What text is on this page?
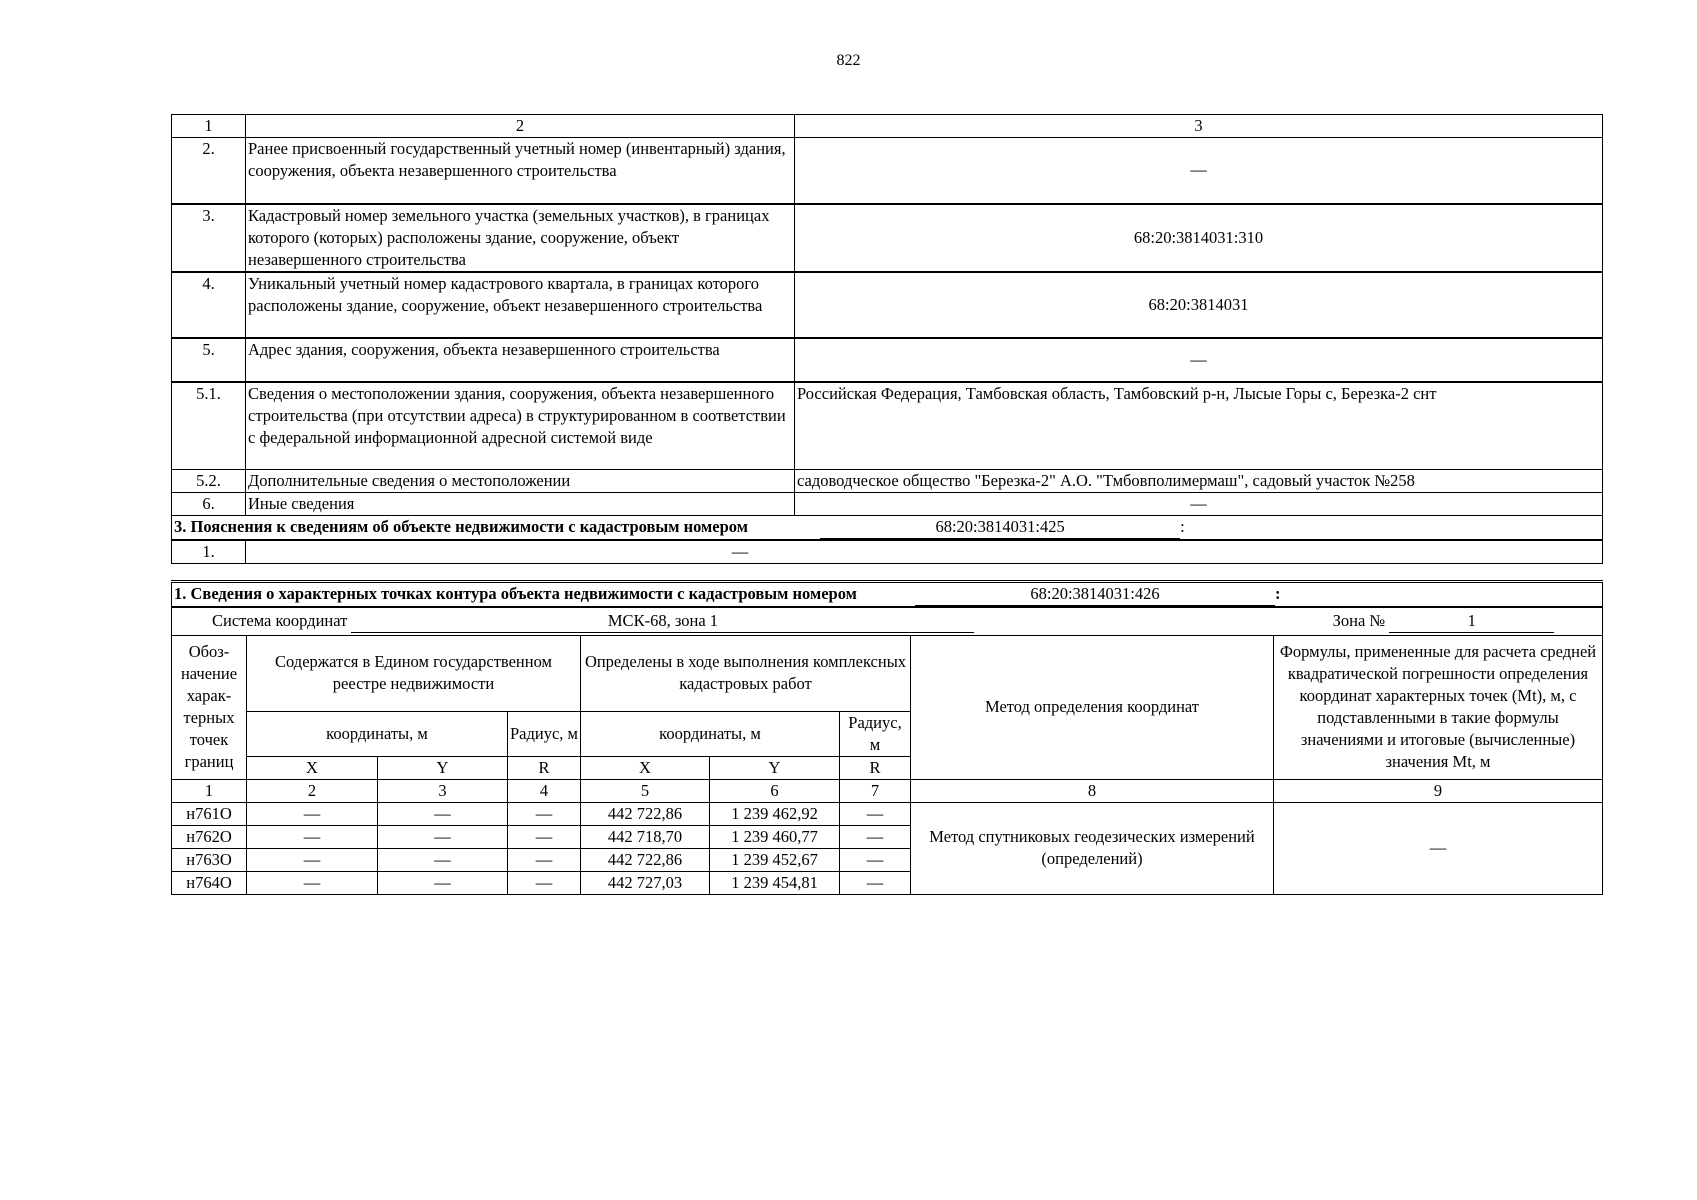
822
1	2	3
2.	Ранее присвоенный государственный учетный номер (инвентарный) здания, сооружения, объекта незавершенного строительства	—
3.	Кадастровый номер земельного участка (земельных участков), в границах которого (которых) расположены здание, сооружение, объект незавершенного строительства	68:20:3814031:310
4.	Уникальный учетный номер кадастрового квартала, в границах которого расположены здание, сооружение, объект незавершенного строительства	68:20:3814031
5.	Адрес здания, сооружения, объекта незавершенного строительства	—
5.1.	Сведения о местоположении здания, сооружения, объекта незавершенного строительства (при отсутствии адреса) в структурированном в соответствии с федеральной информационной адресной системой виде	Российская Федерация, Тамбовская область, Тамбовский р-н, Лысые Горы с, Березка-2 снт
5.2.	Дополнительные сведения о местоположении	садоводческое общество "Березка-2" А.О. "Тмбовполимермаш", садовый участок №258
6.	Иные сведения	—
3. Пояснения к сведениям об объекте недвижимости с кадастровым номером 68:20:3814031:425 :		
1.	—	
1. Сведения о характерных точках контура объекта недвижимости с кадастровым номером 68:20:3814031:426 :								
Система координат МСК-68, зона 1 Зона № 1								
Обоз-начение харак-терных точек границ	Содержатся в Едином государственном реестре недвижимости			Определены в ходе выполнения комплексных кадастровых работ			Метод определения координат	Формулы, примененные для расчета средней квадратической погрешности определения координат характерных точек (Mt), м, с подставленными в такие формулы значениями и итоговые (вычисленные) значения Mt, м
	координаты, м		Радиус, м	координаты, м		Радиус, м		
	X	Y	R	X	Y	R		
1	2	3	4	5	6	7	8	9
н761О	—	—	—	442 722,86	1 239 462,92	—	Метод спутниковых геодезических измерений (определений)	—
н762О	—	—	—	442 718,70	1 239 460,77	—		
н763О	—	—	—	442 722,86	1 239 452,67	—		
н764О	—	—	—	442 727,03	1 239 454,81	—		
